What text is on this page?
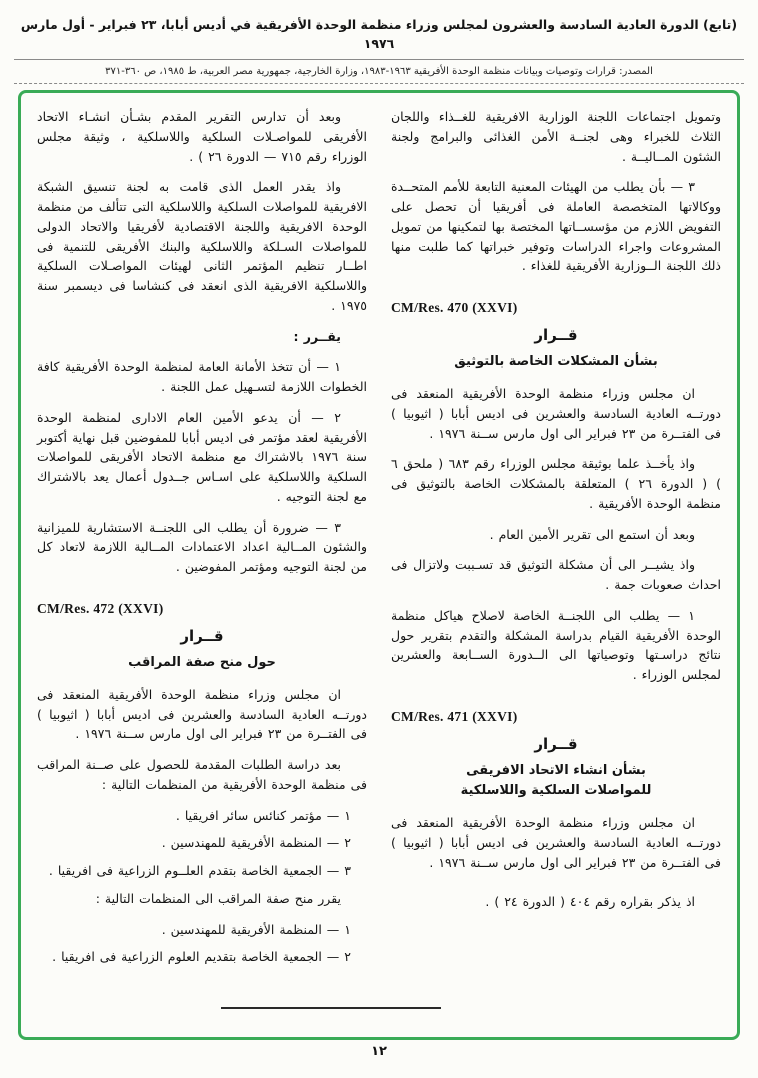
(تابع) الدورة العادية السادسة والعشرون لمجلس وزراء منظمة الوحدة الأفريقية في أديس أبابا، ٢٣ فبراير - أول مارس ١٩٧٦
المصدر: قرارات وتوصيات وبيانات منظمة الوحدة الأفريقية ١٩٦٣-١٩٨٣، وزارة الخارجية، جمهورية مصر العربية، ط ١٩٨٥، ص ٣٦٠-٣٧١

وتمويل اجتماعات اللجنة الوزارية الافريقية للغــذاء واللجان الثلاث للخبراء وهى لجنــة الأمن الغذائى والبرامج ولجنة الشئون المــاليــة .

٣ — بأن يطلب من الهيئات المعنية التابعة للأمم المتحــدة ووكالاتها المتخصصة العاملة فى أفريقيا أن تحصل على التفويض اللازم من مؤسســاتها المختصة بها لتمكينها من تمويل المشروعات واجراء الدراسات وتوفير خبراتها كما طلبت منها ذلك اللجنة الــوزارية الأفريقية للغذاء .

CM/Res. 470 (XXVI)
قــرار
بشأن المشكلات الخاصة بالتوثيق

ان مجلس وزراء منظمة الوحدة الأفريقية المنعقد فى دورتــه العادية السادسة والعشرين فى اديس أبابا ( اثيوبيا ) فى الفتــرة من ٢٣ فبراير الى اول مارس ســنة ١٩٧٦ .

واذ يأخــذ علما بوثيقة مجلس الوزراء رقم ٦٨٣ ( ملحق ٦ ) ( الدورة ٢٦ ) المتعلقة بالمشكلات الخاصة بالتوثيق فى منظمة الوحدة الأفريقية .

وبعد أن استمع الى تقرير الأمين العام .

واذ يشيــر الى أن مشكلة التوثيق قد تسـببت ولاتزال فى احداث صعوبات جمة .

١ — يطلب الى اللجنــة الخاصة لاصلاح هياكل منظمة الوحدة الأفريقية القيام بدراسة المشكلة والتقدم بتقرير حول نتائج دراسـتها وتوصياتها الى الــدورة الســابعة والعشرين لمجلس الوزراء .

CM/Res. 471 (XXVI)
قــرار
بشأن انشاء الاتحاد الافريقى للمواصلات السلكية واللاسلكية

ان مجلس وزراء منظمة الوحدة الأفريقية المنعقد فى دورتــه العادية السادسة والعشرين فى اديس أبابا ( اثيوبيا ) فى الفتــرة من ٢٣ فبراير الى اول مارس ســنة ١٩٧٦ .

اذ يذكر بقراره رقم ٤٠٤ ( الدورة ٢٤ ) .

وبعد أن تدارس التقرير المقدم بشـأن انشـاء الاتحاد الأفريقى للمواصـلات السلكية واللاسلكية ، وثيقة مجلس الوزراء رقم ٧١٥ — الدورة ٢٦ ) .

واذ يقدر العمل الذى قامت به لجنة تنسيق الشبكة الافريقية للمواصلات السلكية واللاسلكية التى تتألف من منظمة الوحدة الافريقية واللجنة الاقتصادية لأفريقيا والاتحاد الدولى للمواصلات السـلكة واللاسلكية والبنك الأفريقى للتنمية فى اطــار تنظيم المؤتمر الثانى لهيئات المواصـلات السلكية واللاسلكية الافريقية الذى انعقد فى كنشاسا فى ديسمبر سنة ١٩٧٥ .

يقــرر :

١ — أن تتخذ الأمانة العامة لمنظمة الوحدة الأفريقية كافة الخطوات اللازمة لتسـهيل عمل اللجنة .

٢ — أن يدعو الأمين العام الادارى لمنظمة الوحدة الأفريقية لعقد مؤتمر فى اديس أبابا للمفوضين قبل نهاية أكتوبر سنة ١٩٧٦ بالاشتراك مع منظمة الاتحاد الأفريقى للمواصلات السلكية واللاسلكية على اسـاس جــدول أعمال يعد بالاشتراك مع لجنة التوجيه .

٣ — ضرورة أن يطلب الى اللجنــة الاستشارية للميزانية والشئون المــالية اعداد الاعتمادات المــالية اللازمة لاتعاد كل من لجنة التوجيه ومؤتمر المفوضين .

CM/Res. 472 (XXVI)
قــرار
حول منح صفة المراقب

ان مجلس وزراء منظمة الوحدة الأفريقية المنعقد فى دورتــه العادية السادسة والعشرين فى اديس أبابا ( اثيوبيا ) فى الفتــرة من ٢٣ فبراير الى اول مارس ســنة ١٩٧٦ .

بعد دراسة الطلبات المقدمة للحصول على صــنة المراقب فى منظمة الوحدة الأفريقية من المنظمات التالية :

١ — مؤتمر كنائس سائر افريقيا .

٢ — المنظمة الأفريقية للمهندسين .

٣ — الجمعية الخاصة بتقدم العلــوم الزراعية فى افريقيا .

يقرر منح صفة المراقب الى المنظمات التالية :

١ — المنظمة الأفريقية للمهندسين .

٢ — الجمعية الخاصة بتقديم العلوم الزراعية فى افريقيا .

١٢
